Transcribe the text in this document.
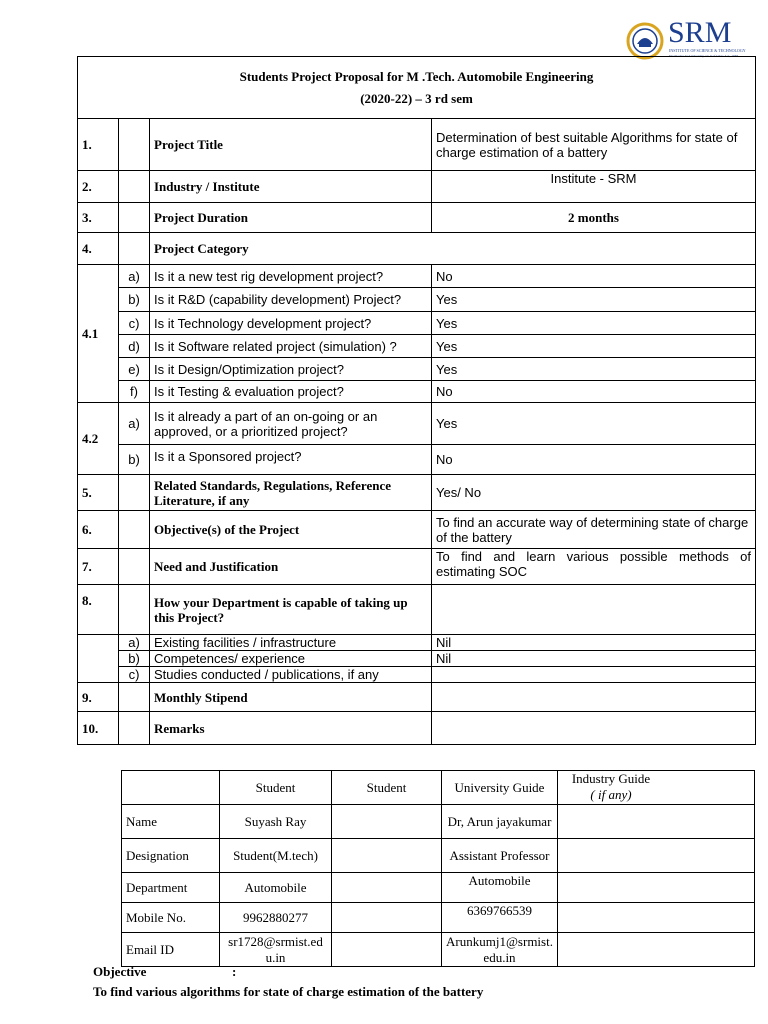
SRM
INSTITUTE OF SCIENCE & TECHNOLOGY
Deemed to be University u/s 3 of UGC Act, 1956
Students Project Proposal for M .Tech. Automobile Engineering
(2020-22) – 3 rd sem			

1.		Project Title	Determination of best suitable Algorithms for state of charge estimation of a battery
2.		Industry / Institute	Institute - SRM
3.		Project Duration	2 months
4.		Project Category	
4.1	a)	Is it a new test rig development project?	No
	b)	Is it R&D (capability development) Project?	Yes
	c)	Is it Technology development project?	Yes
	d)	Is it Software related project (simulation) ?	Yes
	e)	Is it Design/Optimization project?	Yes
	f)	Is it Testing & evaluation project?	No
4.2	a)	Is it already a part of an on-going or an approved, or a prioritized project?	Yes
	b)	Is it a Sponsored project?	No
5.		Related Standards, Regulations, Reference Literature, if any	Yes/ No
6.		Objective(s) of the Project	To find an accurate way of determining state of charge of the battery
7.		Need and Justification	To find and learn various possible methods of
estimating SOC

8.		How your Department is capable of taking up this Project?	
	a)	Existing facilities / infrastructure	Nil
	b)	Competences/ experience	Nil
	c)	Studies conducted / publications, if any	
9.		Monthly Stipend	
10.		Remarks	
	Student	Student	University Guide	Industry Guide
( if any)

Name	Suyash Ray		Dr, Arun jayakumar	
Designation	Student(M.tech)		Assistant Professor	
Department	Automobile		Automobile	
Mobile No.	9962880277		6369766539	
Email ID	sr1728@srmist.edu.in		Arunkumj1@srmist.edu.in	
Objective	:
To find various algorithms for state of charge estimation of the battery
